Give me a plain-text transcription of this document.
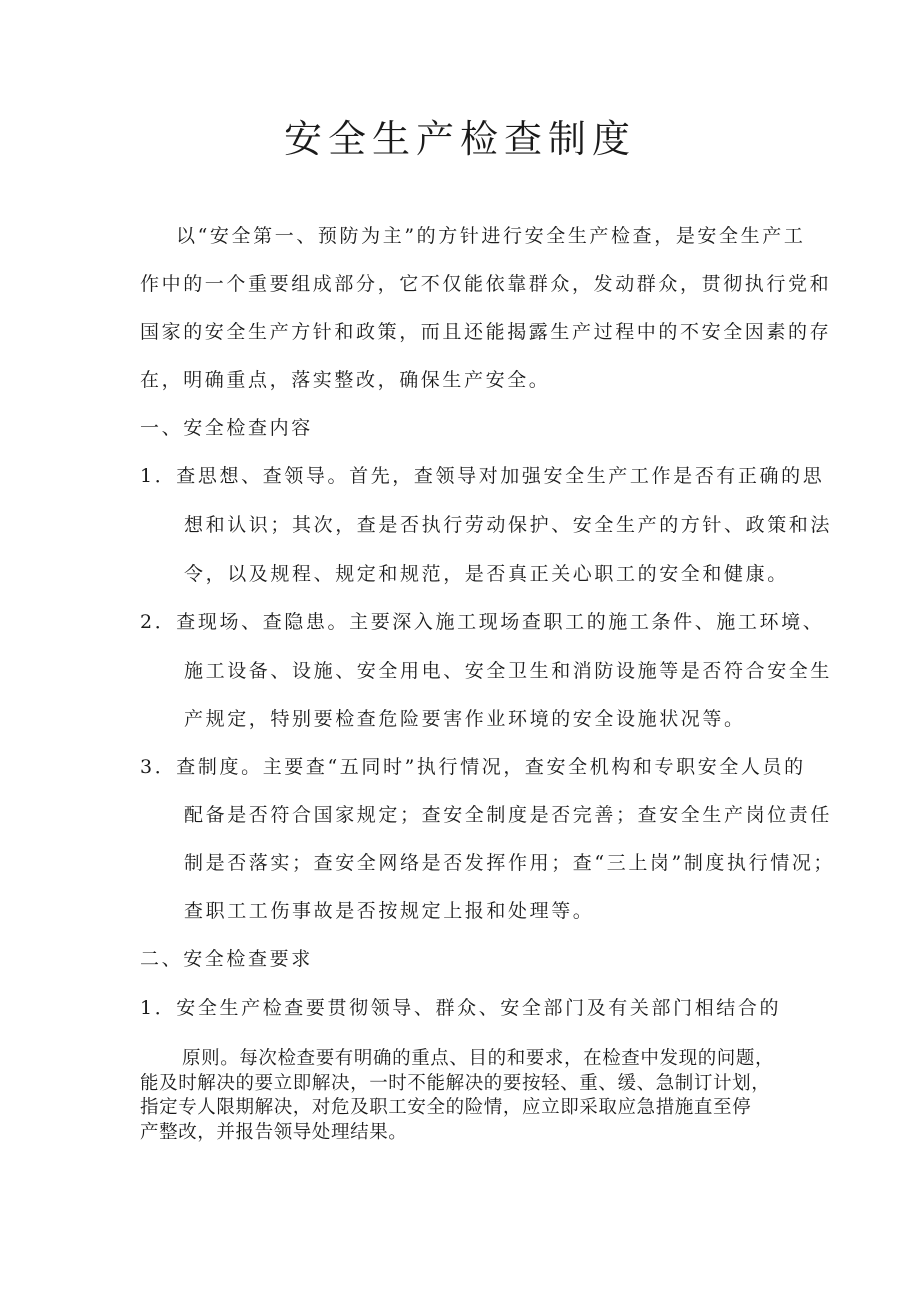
安全生产检查制度
以“安全第一、预防为主”的方针进行安全生产检查，是安全生产工
作中的一个重要组成部分，它不仅能依靠群众，发动群众，贯彻执行党和
国家的安全生产方针和政策，而且还能揭露生产过程中的不安全因素的存
在，明确重点，落实整改，确保生产安全。
一、安全检查内容
1．查思想、查领导。首先，查领导对加强安全生产工作是否有正确的思
想和认识；其次，查是否执行劳动保护、安全生产的方针、政策和法
令，以及规程、规定和规范，是否真正关心职工的安全和健康。
2．查现场、查隐患。主要深入施工现场查职工的施工条件、施工环境、
施工设备、设施、安全用电、安全卫生和消防设施等是否符合安全生
产规定，特别要检查危险要害作业环境的安全设施状况等。
3．查制度。主要查“五同时”执行情况，查安全机构和专职安全人员的
配备是否符合国家规定；查安全制度是否完善；查安全生产岗位责任
制是否落实；查安全网络是否发挥作用；查“三上岗”制度执行情况；
查职工工伤事故是否按规定上报和处理等。
二、安全检查要求
1．安全生产检查要贯彻领导、群众、安全部门及有关部门相结合的
原则。每次检查要有明确的重点、目的和要求，在检查中发现的问题，
能及时解决的要立即解决，一时不能解决的要按轻、重、缓、急制订计划，
指定专人限期解决，对危及职工安全的险情，应立即采取应急措施直至停
产整改，并报告领导处理结果。
